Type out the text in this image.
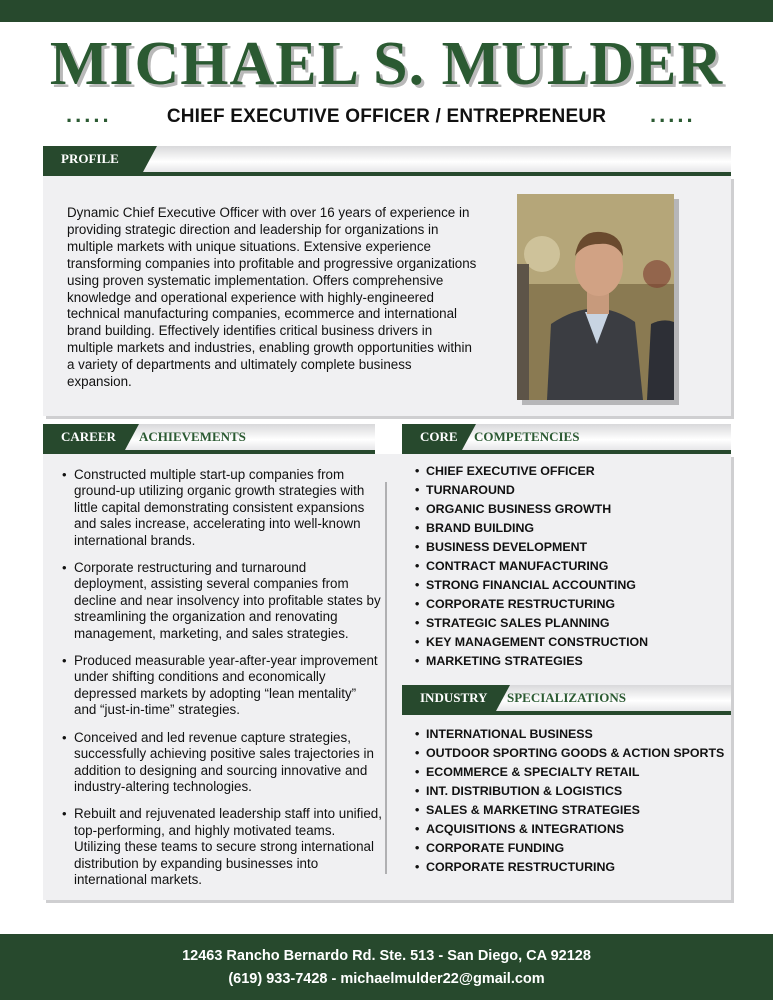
MICHAEL S. MULDER
.....	CHIEF EXECUTIVE OFFICER / ENTREPRENEUR	.....
PROFILE
Dynamic Chief Executive Officer with over 16 years of experience in providing strategic direction and leadership for organizations in multiple markets with unique situations. Extensive experience transforming companies into profitable and progressive organizations using proven systematic implementation. Offers comprehensive knowledge and operational experience with highly-engineered technical manufacturing companies, ecommerce and international brand building. Effectively identifies critical business drivers in multiple markets and industries, enabling growth opportunities within a variety of departments and ultimately complete business expansion.
CAREER	ACHIEVEMENTS
• Constructed multiple start-up companies from ground-up utilizing organic growth strategies with little capital demonstrating consistent expansions and sales increase, accelerating into well-known international brands.
• Corporate restructuring and turnaround deployment, assisting several companies from decline and near insolvency into profitable states by streamlining the organization and renovating management, marketing, and sales strategies.
• Produced measurable year-after-year improvement under shifting conditions and economically depressed markets by adopting “lean mentality” and “just-in-time” strategies.
• Conceived and led revenue capture strategies, successfully achieving positive sales trajectories in addition to designing and sourcing innovative and industry-altering technologies.
• Rebuilt and rejuvenated leadership staff into unified, top-performing, and highly motivated teams. Utilizing these teams to secure strong international distribution by expanding businesses into international markets.
CORE	COMPETENCIES
• CHIEF EXECUTIVE OFFICER
• TURNAROUND
• ORGANIC BUSINESS GROWTH
• BRAND BUILDING
• BUSINESS DEVELOPMENT
• CONTRACT MANUFACTURING
• STRONG FINANCIAL ACCOUNTING
• CORPORATE RESTRUCTURING
• STRATEGIC SALES PLANNING
• KEY MANAGEMENT CONSTRUCTION
• MARKETING STRATEGIES
INDUSTRY	SPECIALIZATIONS
• INTERNATIONAL BUSINESS
• OUTDOOR SPORTING GOODS & ACTION SPORTS
• ECOMMERCE & SPECIALTY RETAIL
• INT. DISTRIBUTION & LOGISTICS
• SALES & MARKETING STRATEGIES
• ACQUISITIONS & INTEGRATIONS
• CORPORATE FUNDING
• CORPORATE RESTRUCTURING
12463 Rancho Bernardo Rd. Ste. 513 - San Diego, CA 92128
(619) 933-7428 - michaelmulder22@gmail.com
